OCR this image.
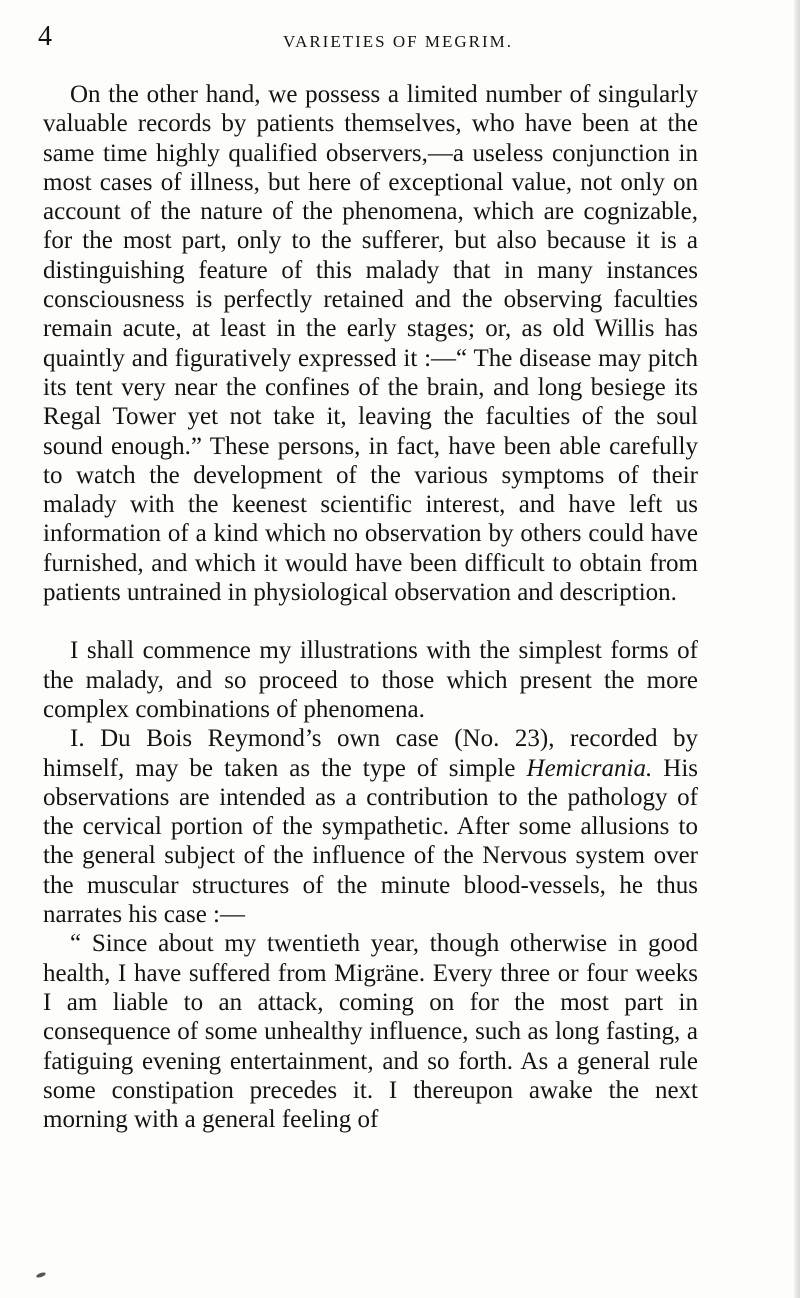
4	VARIETIES OF MEGRIM.

On the other hand, we possess a limited number of singularly valuable records by patients themselves, who have been at the same time highly qualified observers,—a useless conjunction in most cases of illness, but here of exceptional value, not only on account of the nature of the phenomena, which are cognizable, for the most part, only to the sufferer, but also because it is a distinguishing feature of this malady that in many instances consciousness is perfectly retained and the observing faculties remain acute, at least in the early stages; or, as old Willis has quaintly and figuratively expressed it :—“ The disease may pitch its tent very near the confines of the brain, and long besiege its Regal Tower yet not take it, leaving the faculties of the soul sound enough.” These persons, in fact, have been able carefully to watch the development of the various symptoms of their malady with the keenest scientific interest, and have left us information of a kind which no observation by others could have furnished, and which it would have been difficult to obtain from patients untrained in physiological observation and description.

I shall commence my illustrations with the simplest forms of the malady, and so proceed to those which present the more complex combinations of phenomena.

I. Du Bois Reymond’s own case (No. 23), recorded by himself, may be taken as the type of simple Hemicrania. His observations are intended as a contribution to the pathology of the cervical portion of the sympathetic. After some allusions to the general subject of the influence of the Nervous system over the muscular structures of the minute blood-vessels, he thus narrates his case :—

“ Since about my twentieth year, though otherwise in good health, I have suffered from Migräne. Every three or four weeks I am liable to an attack, coming on for the most part in consequence of some unhealthy influence, such as long fasting, a fatiguing evening entertainment, and so forth. As a general rule some constipation precedes it. I thereupon awake the next morning with a general feeling of
